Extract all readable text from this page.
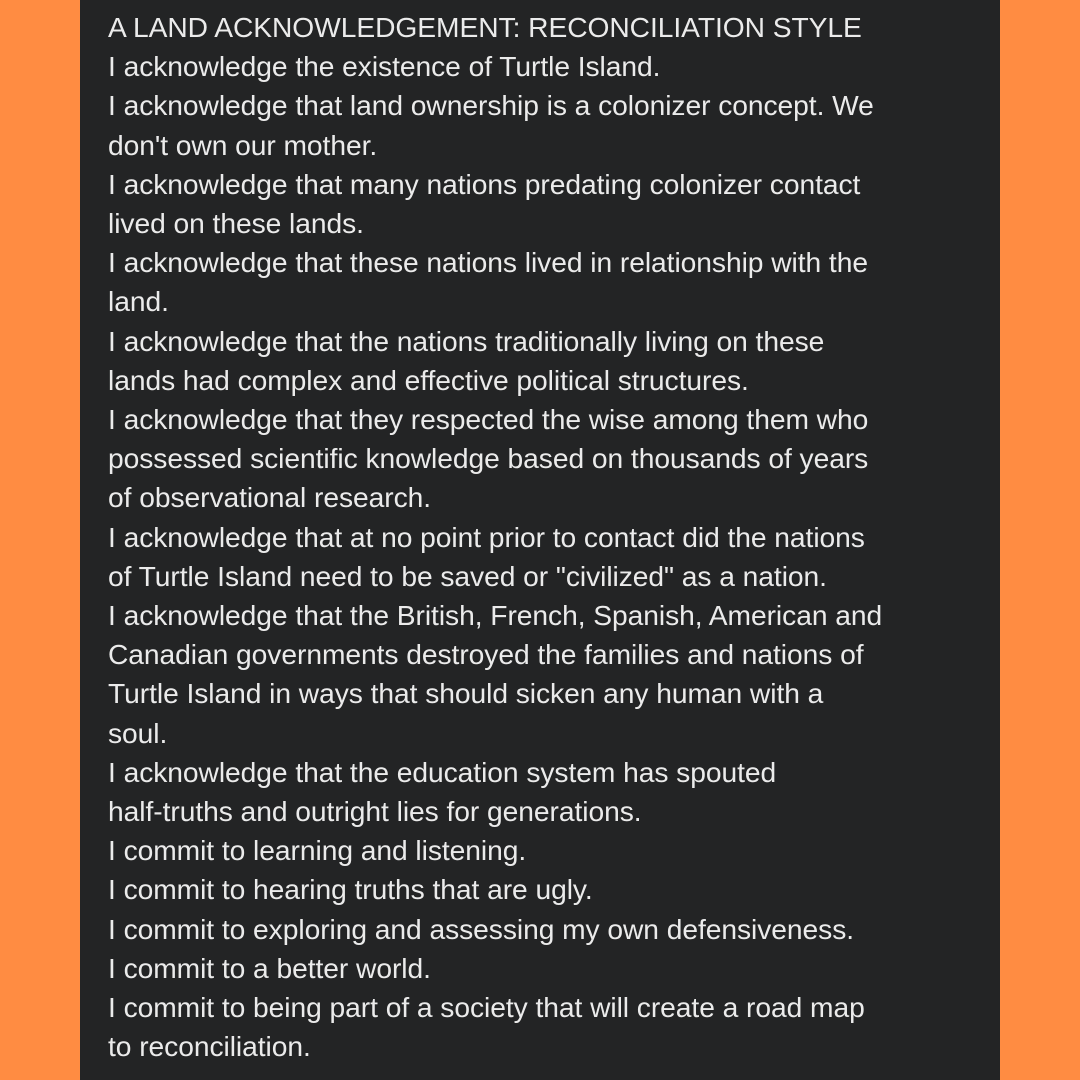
A LAND ACKNOWLEDGEMENT: RECONCILIATION STYLE
I acknowledge the existence of Turtle Island.
I acknowledge that land ownership is a colonizer concept. We
don't own our mother.
I acknowledge that many nations predating colonizer contact
lived on these lands.
I acknowledge that these nations lived in relationship with the
land.
I acknowledge that the nations traditionally living on these
lands had complex and effective political structures.
I acknowledge that they respected the wise among them who
possessed scientific knowledge based on thousands of years
of observational research.
I acknowledge that at no point prior to contact did the nations
of Turtle Island need to be saved or "civilized" as a nation.
I acknowledge that the British, French, Spanish, American and
Canadian governments destroyed the families and nations of
Turtle Island in ways that should sicken any human with a
soul.
I acknowledge that the education system has spouted
half-truths and outright lies for generations.
I commit to learning and listening.
I commit to hearing truths that are ugly.
I commit to exploring and assessing my own defensiveness.
I commit to a better world.
I commit to being part of a society that will create a road map
to reconciliation.
